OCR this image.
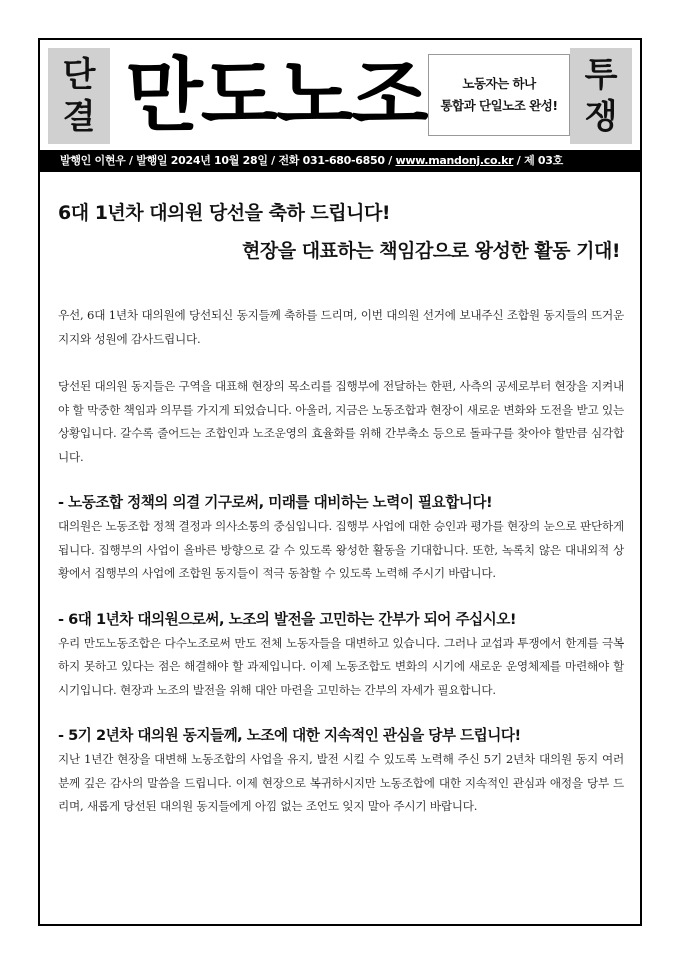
단
결 만도노조	노동자는 하나
통합과 단일노조 완성!
투
쟁
발행인 이현우 / 발행일 2024년 10월 28일 / 전화 031-680-6850 / www.mandonj.co.kr / 제 03호
6대 1년차 대의원 당선을 축하 드립니다!
현장을 대표하는 책임감으로 왕성한 활동 기대!

우선, 6대 1년차 대의원에 당선되신 동지들께 축하를 드리며, 이번 대의원 선거에 보내주신 조합원 동지들의 뜨거운 지지와 성원에 감사드립니다.

당선된 대의원 동지들은 구역을 대표해 현장의 목소리를 집행부에 전달하는 한편, 사측의 공세로부터 현장을 지켜내야 할 막중한 책임과 의무를 가지게 되었습니다. 아울러, 지금은 노동조합과 현장이 새로운 변화와 도전을 받고 있는 상황입니다. 갈수록 줄어드는 조합인과 노조운영의 효율화를 위해 간부축소 등으로 돌파구를 찾아야 할만큼 심각합니다.

- 노동조합 정책의 의결 기구로써, 미래를 대비하는 노력이 필요합니다!

대의원은 노동조합 정책 결정과 의사소통의 중심입니다. 집행부 사업에 대한 승인과 평가를 현장의 눈으로 판단하게 됩니다. 집행부의 사업이 올바른 방향으로 갈 수 있도록 왕성한 활동을 기대합니다. 또한, 녹록치 않은 대내외적 상황에서 집행부의 사업에 조합원 동지들이 적극 동참할 수 있도록 노력해 주시기 바랍니다.

- 6대 1년차 대의원으로써, 노조의 발전을 고민하는 간부가 되어 주십시오!

우리 만도노동조합은 다수노조로써 만도 전체 노동자들을 대변하고 있습니다. 그러나 교섭과 투쟁에서 한계를 극복하지 못하고 있다는 점은 해결해야 할 과제입니다. 이제 노동조합도 변화의 시기에 새로운 운영체제를 마련해야 할 시기입니다. 현장과 노조의 발전을 위해 대안 마련을 고민하는 간부의 자세가 필요합니다.

- 5기 2년차 대의원 동지들께, 노조에 대한 지속적인 관심을 당부 드립니다!

지난 1년간 현장을 대변해 노동조합의 사업을 유지, 발전 시킬 수 있도록 노력해 주신 5기 2년차 대의원 동지 여러분께 깊은 감사의 말씀을 드립니다. 이제 현장으로 복귀하시지만 노동조합에 대한 지속적인 관심과 애정을 당부 드리며, 새롭게 당선된 대의원 동지들에게 아낌 없는 조언도 잊지 말아 주시기 바랍니다.
